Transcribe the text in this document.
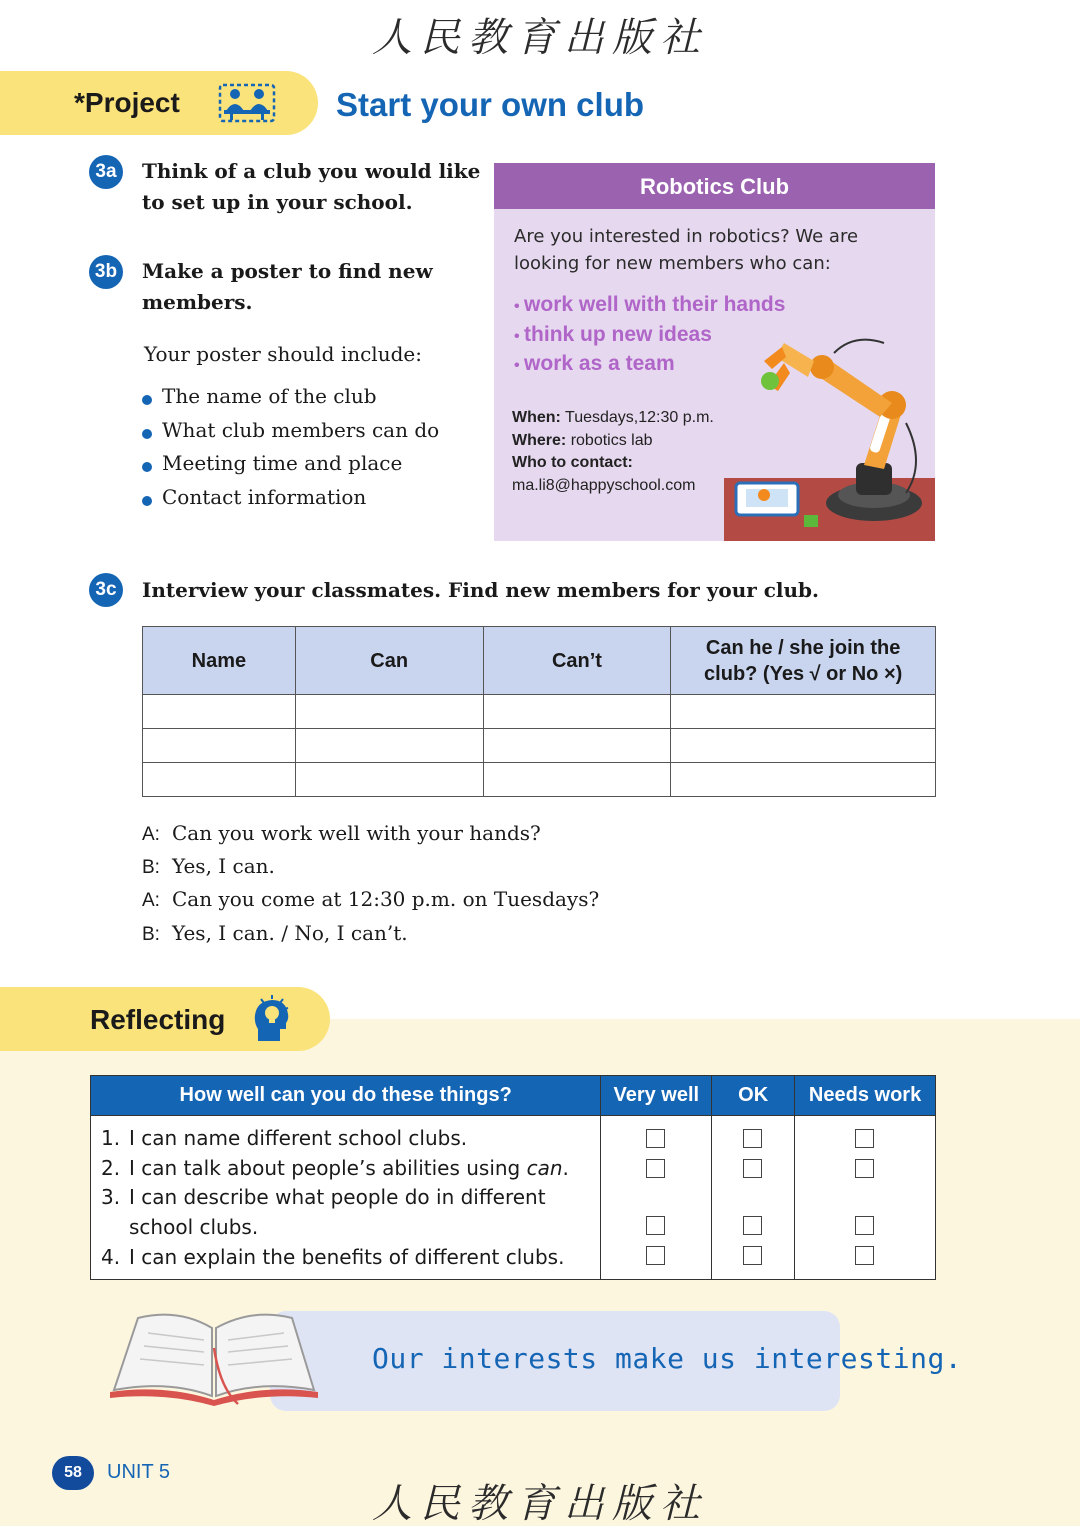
人民教育出版社
*Project	Start your own club
3a	Think of a club you would like
to set up in your school.
3b Make a poster to find new
members.
Your poster should include:
The name of the club
What club members can do
Meeting time and place
Contact information
Robotics Club
Are you interested in robotics? We are
looking for new members who can:
• work well with their hands
• think up new ideas
• work as a team
When: Tuesdays,12:30 p.m.
Where: robotics lab
Who to contact:
ma.li8@happyschool.com
3c	Interview your classmates. Find new members for your club.
Name	Can	Can’t	Can he / she join the
club? (Yes √ or No ×)

A: Can you work well with your hands?
B: Yes, I can.
A: Can you come at 12:30 p.m. on Tuesdays?
B: Yes, I can. / No, I can’t.
Reflecting
How well can you do these things?	Very well	OK	Needs work

1. I can name different school clubs.
2. I can talk about people’s abilities using can.
3. I can describe what people do in different
school clubs.
4. I can explain the benefits of different clubs.			

Our interests make us interesting.
58	UNIT 5
人民教育出版社
